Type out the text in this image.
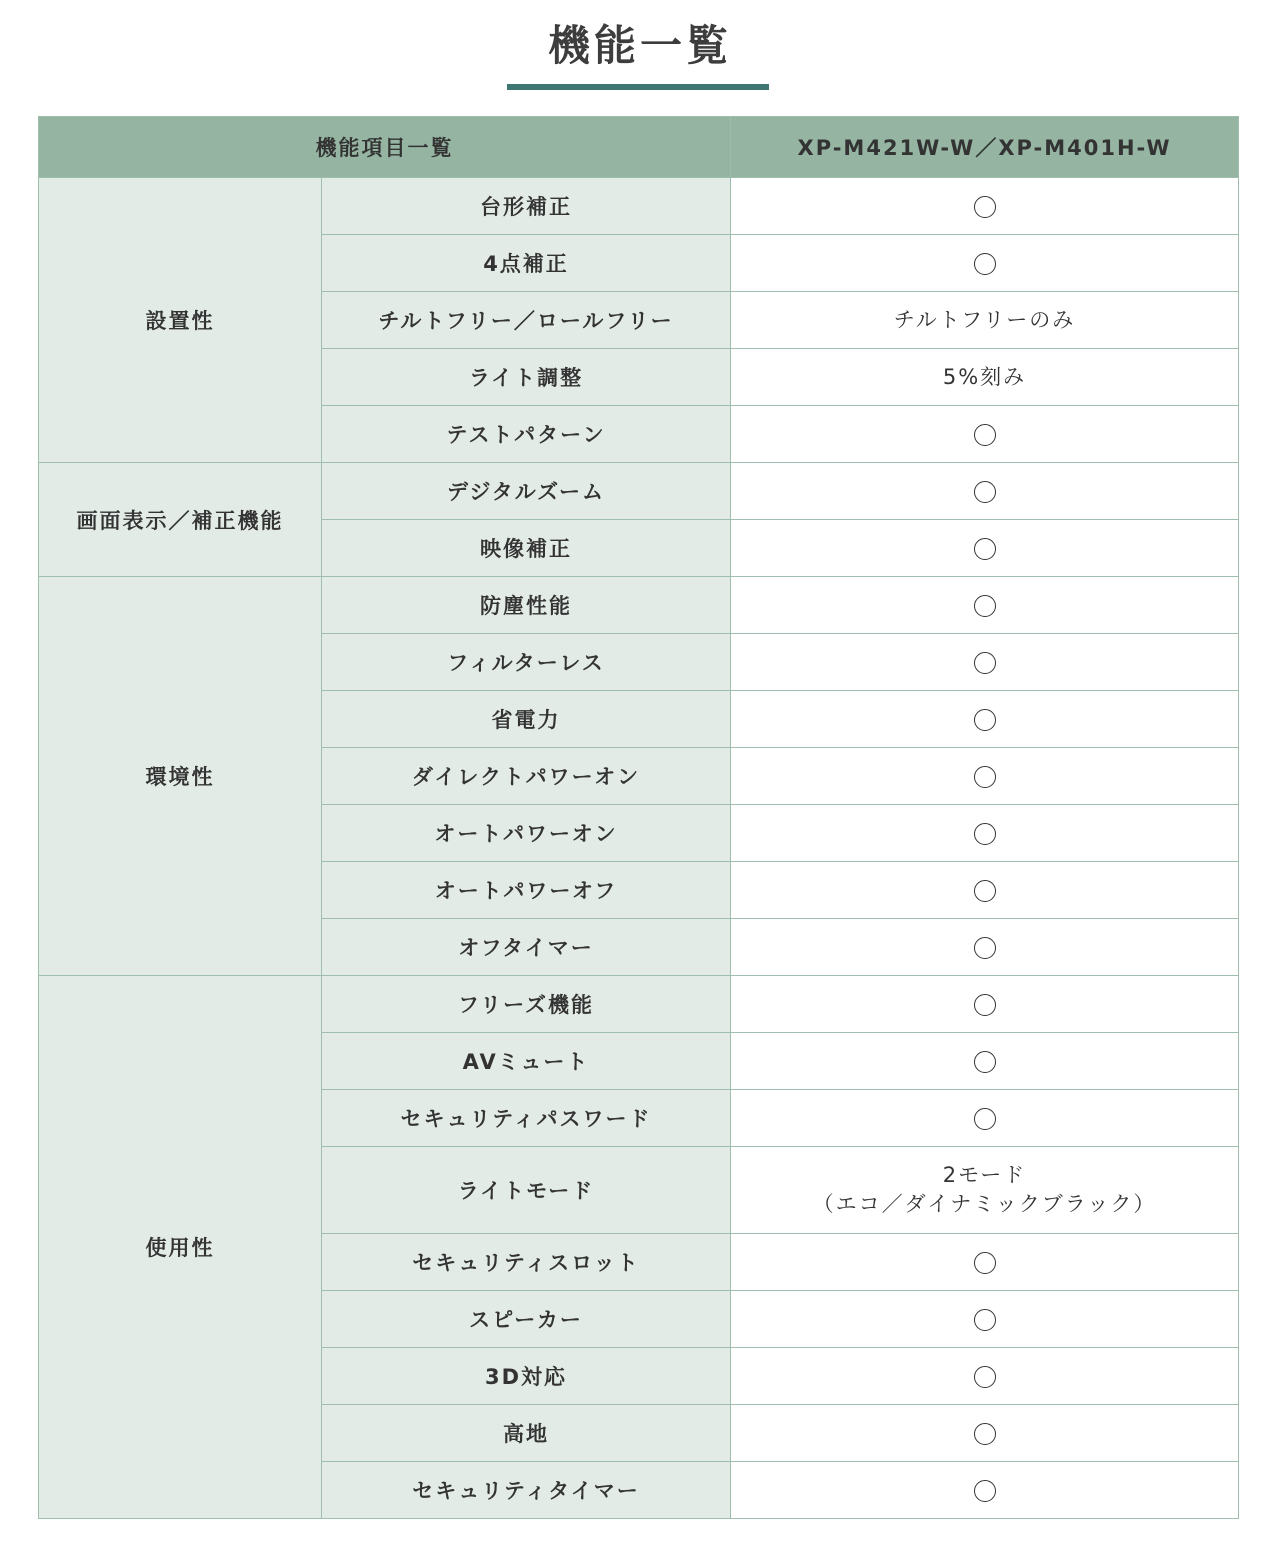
機能一覧
機能項目一覧		XP-M421W-W／XP-M401H-W
設置性	台形補正	
	4点補正	
	チルトフリー／ロールフリー	チルトフリーのみ

	ライト調整	5%刻み

	テストパターン	
画面表示／補正機能	デジタルズーム	
	映像補正	
環境性	防塵性能	
	フィルターレス	
	省電力	
	ダイレクトパワーオン	
	オートパワーオン	
	オートパワーオフ	
	オフタイマー	
使用性	フリーズ機能	
	AVミュート	
	セキュリティパスワード	
	ライトモード	2モード
（エコ／ダイナミックブラック）

	セキュリティスロット	
	スピーカー	
	3D対応	
	高地	
	セキュリティタイマー	
